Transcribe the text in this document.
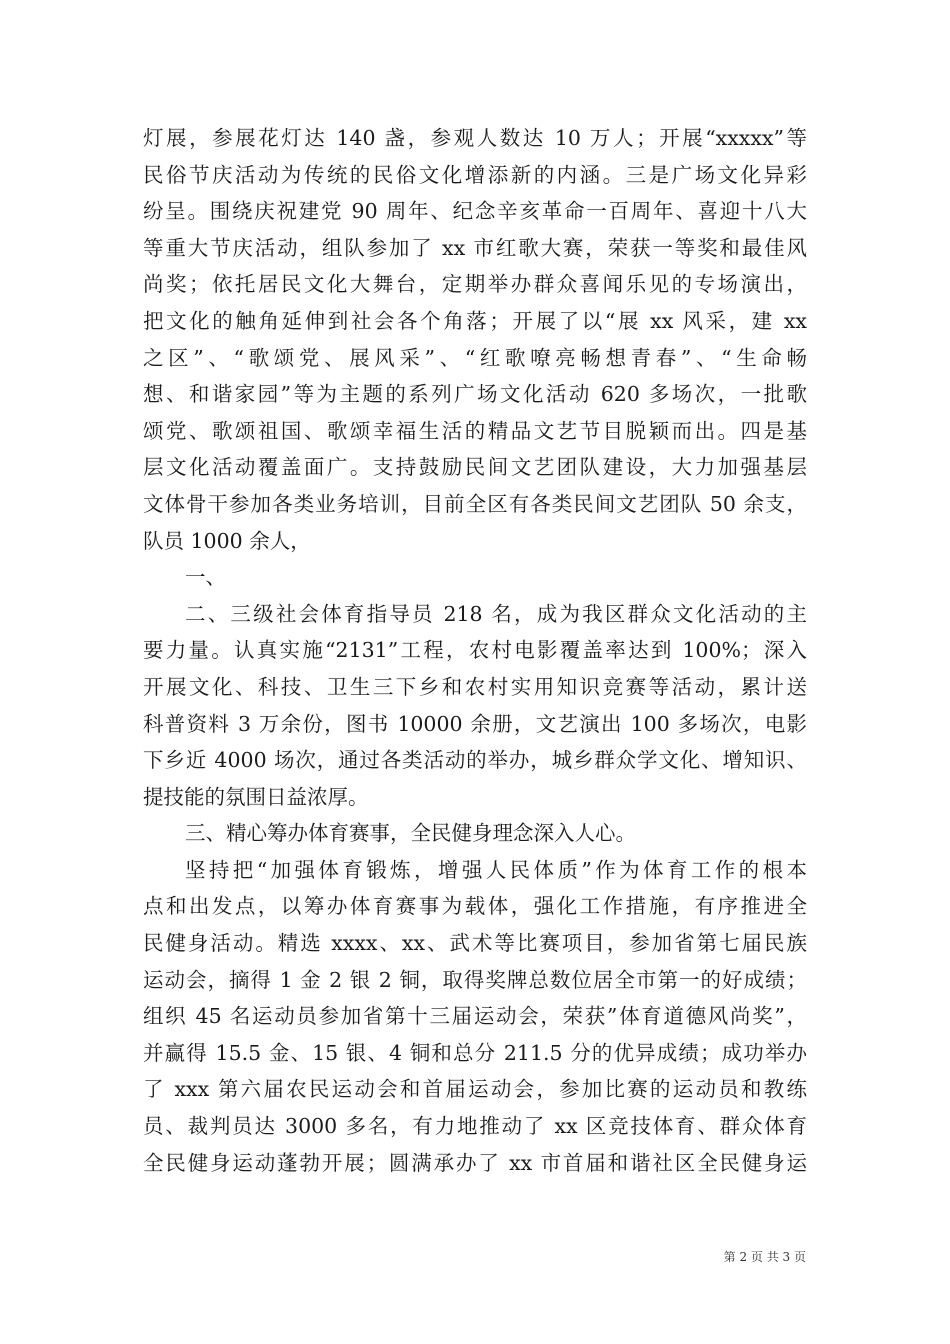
灯展，参展花灯达 140 盏，参观人数达 10 万人；开展“xxxxx”等
民俗节庆活动为传统的民俗文化增添新的内涵。三是广场文化异彩
纷呈。围绕庆祝建党 90 周年、纪念辛亥革命一百周年、喜迎十八大
等重大节庆活动，组队参加了 xx 市红歌大赛，荣获一等奖和最佳风
尚奖；依托居民文化大舞台，定期举办群众喜闻乐见的专场演出，
把文化的触角延伸到社会各个角落；开展了以“展 xx 风采，建 xx
之区”、“歌颂党、展风采”、“红歌嘹亮畅想青春”、“生命畅
想、和谐家园”等为主题的系列广场文化活动 620 多场次，一批歌
颂党、歌颂祖国、歌颂幸福生活的精品文艺节目脱颖而出。四是基
层文化活动覆盖面广。支持鼓励民间文艺团队建设，大力加强基层
文体骨干参加各类业务培训，目前全区有各类民间文艺团队 50 余支，
队员 1000 余人，
一、
二、三级社会体育指导员 218 名，成为我区群众文化活动的主
要力量。认真实施“2131”工程，农村电影覆盖率达到 100%；深入
开展文化、科技、卫生三下乡和农村实用知识竞赛等活动，累计送
科普资料 3 万余份，图书 10000 余册，文艺演出 100 多场次，电影
下乡近 4000 场次，通过各类活动的举办，城乡群众学文化、增知识、
提技能的氛围日益浓厚。
三、精心筹办体育赛事，全民健身理念深入人心。
坚持把“加强体育锻炼，增强人民体质”作为体育工作的根本
点和出发点，以筹办体育赛事为载体，强化工作措施，有序推进全
民健身活动。精选 xxxx、xx、武术等比赛项目，参加省第七届民族
运动会，摘得 1 金 2 银 2 铜，取得奖牌总数位居全市第一的好成绩；
组织 45 名运动员参加省第十三届运动会，荣获”体育道德风尚奖”，
并赢得 15.5 金、15 银、4 铜和总分 211.5 分的优异成绩；成功举办
了 xxx 第六届农民运动会和首届运动会，参加比赛的运动员和教练
员、裁判员达 3000 多名，有力地推动了 xx 区竞技体育、群众体育
全民健身运动蓬勃开展；圆满承办了 xx 市首届和谐社区全民健身运
第 2 页 共 3 页
